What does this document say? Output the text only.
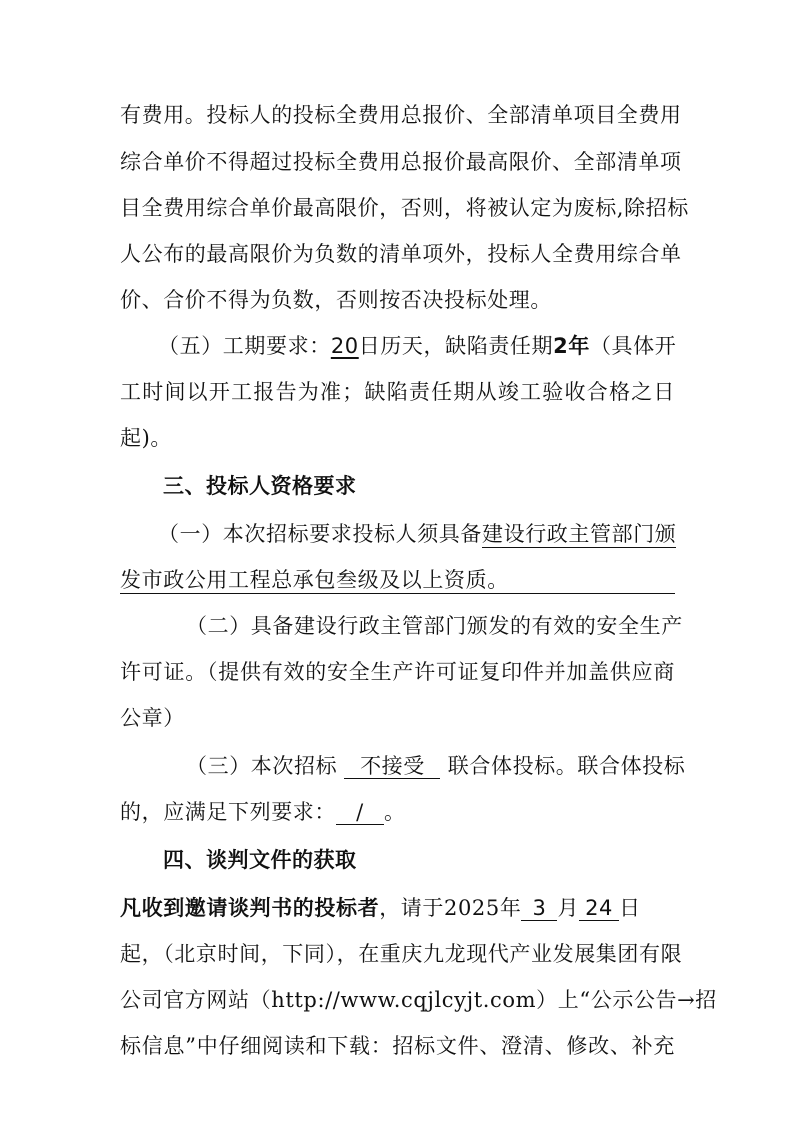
有费用。投标人的投标全费用总报价、全部清单项目全费用
综合单价不得超过投标全费用总报价最高限价、全部清单项
目全费用综合单价最高限价，否则，将被认定为废标,除招标
人公布的最高限价为负数的清单项外，投标人全费用综合单
价、合价不得为负数，否则按否决投标处理。
（五）工期要求：20日历天，缺陷责任期2年（具体开
工时间以开工报告为准；缺陷责任期从竣工验收合格之日
起)。
三、投标人资格要求
（一）本次招标要求投标人须具备建设行政主管部门颁
发市政公用工程总承包叁级及以上资质。
（二）具备建设行政主管部门颁发的有效的安全生产
许可证。（提供有效的安全生产许可证复印件并加盖供应商
公章）
（三）本次招标 不接受 联合体投标。联合体投标
的，应满足下列要求： / 。
四、谈判文件的获取
凡收到邀请谈判书的投标者，请于2025年 3 月 24 日
起，（北京时间，下同），在重庆九龙现代产业发展集团有限
公司官方网站（http://www.cqjlcyjt.com）上“公示公告→招
标信息”中仔细阅读和下载：招标文件、澄清、修改、补充
